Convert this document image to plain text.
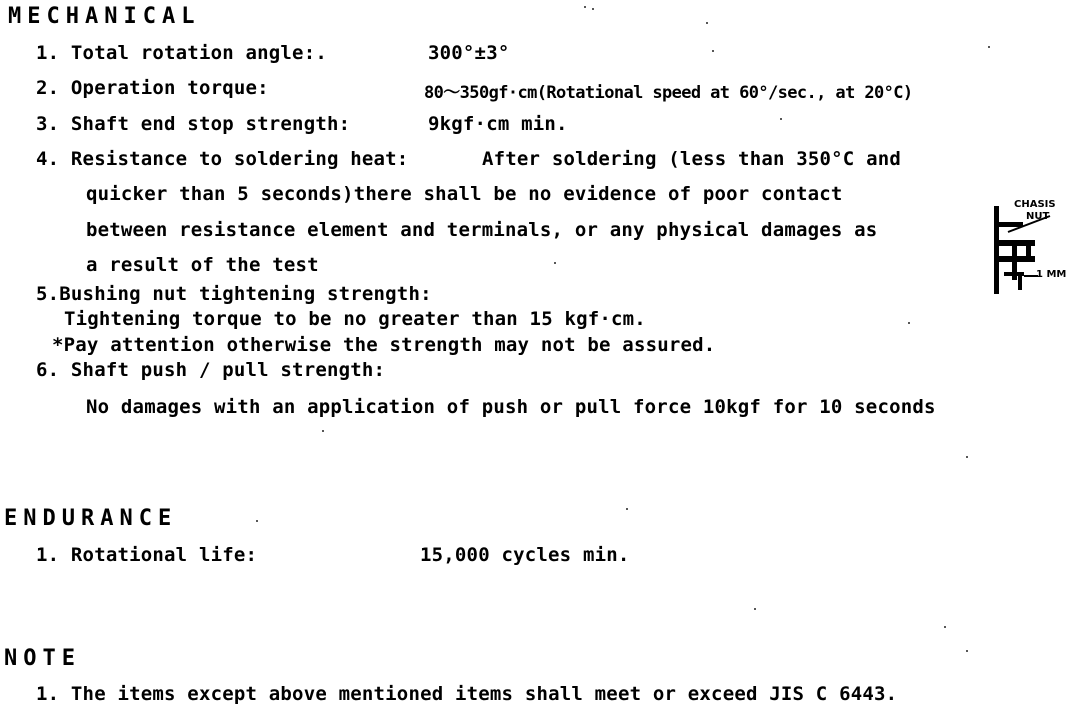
MECHANICAL
1. Total rotation angle:.	300°±3°
2. Operation torque:	80～350gf·cm(Rotational speed at 60°/sec., at 20°C)
3. Shaft end stop strength:	9kgf·cm min.
4. Resistance to soldering heat:	After soldering (less than 350°C and
quicker than 5 seconds)there shall be no evidence of poor contact
between resistance element and terminals, or any physical damages as
a result of the test
5.Bushing nut tightening strength:
Tightening torque to be no greater than 15 kgf·cm.
*Pay attention otherwise the strength may not be assured.
6. Shaft push / pull strength:
No damages with an application of push or pull force 10kgf for 10 seconds
ENDURANCE
1. Rotational life:	15,000 cycles min.
NOTE
1. The items except above mentioned items shall meet or exceed JIS C 6443.
CHASIS
NUT
1 MM
